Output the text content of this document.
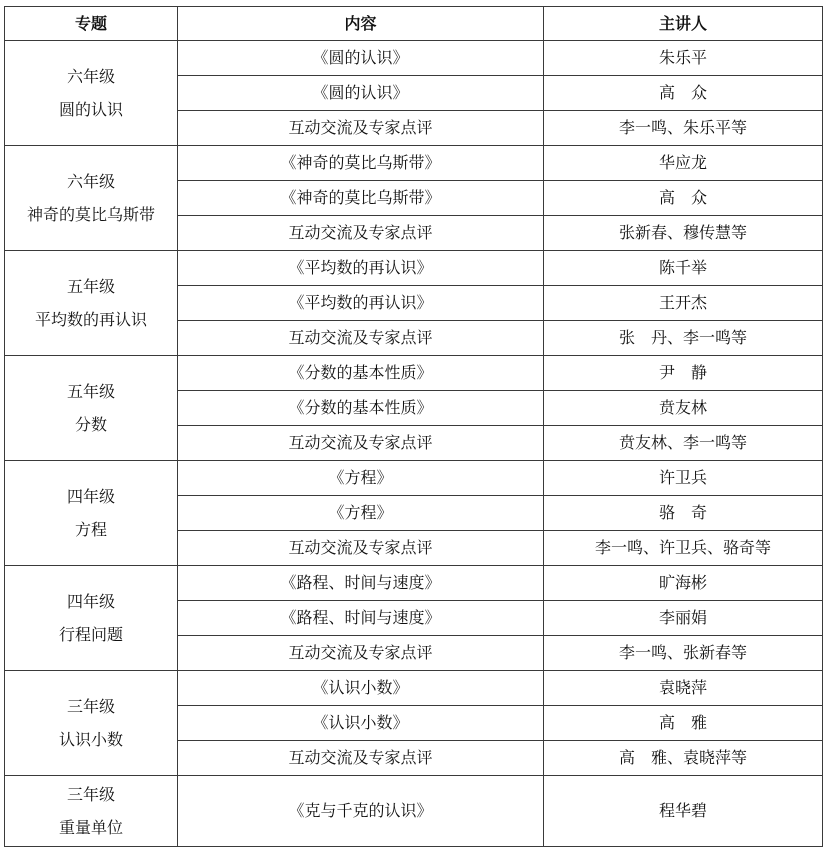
专题	内容	主讲人

六年级
圆的认识	《圆的认识》	朱乐平
	《圆的认识》	高　众
	互动交流及专家点评	李一鸣、朱乐平等

六年级
神奇的莫比乌斯带	《神奇的莫比乌斯带》	华应龙
	《神奇的莫比乌斯带》	高　众
	互动交流及专家点评	张新春、穆传慧等

五年级
平均数的再认识	《平均数的再认识》	陈千举
	《平均数的再认识》	王开杰
	互动交流及专家点评	张　丹、李一鸣等

五年级
分数	《分数的基本性质》	尹　静
	《分数的基本性质》	贲友林
	互动交流及专家点评	贲友林、李一鸣等

四年级
方程	《方程》	许卫兵
	《方程》	骆　奇
	互动交流及专家点评	李一鸣、许卫兵、骆奇等

四年级
行程问题	《路程、时间与速度》	旷海彬
	《路程、时间与速度》	李丽娟
	互动交流及专家点评	李一鸣、张新春等

三年级
认识小数	《认识小数》	袁晓萍
	《认识小数》	高　雅
	互动交流及专家点评	高　雅、袁晓萍等

三年级
重量单位	《克与千克的认识》	程华碧
